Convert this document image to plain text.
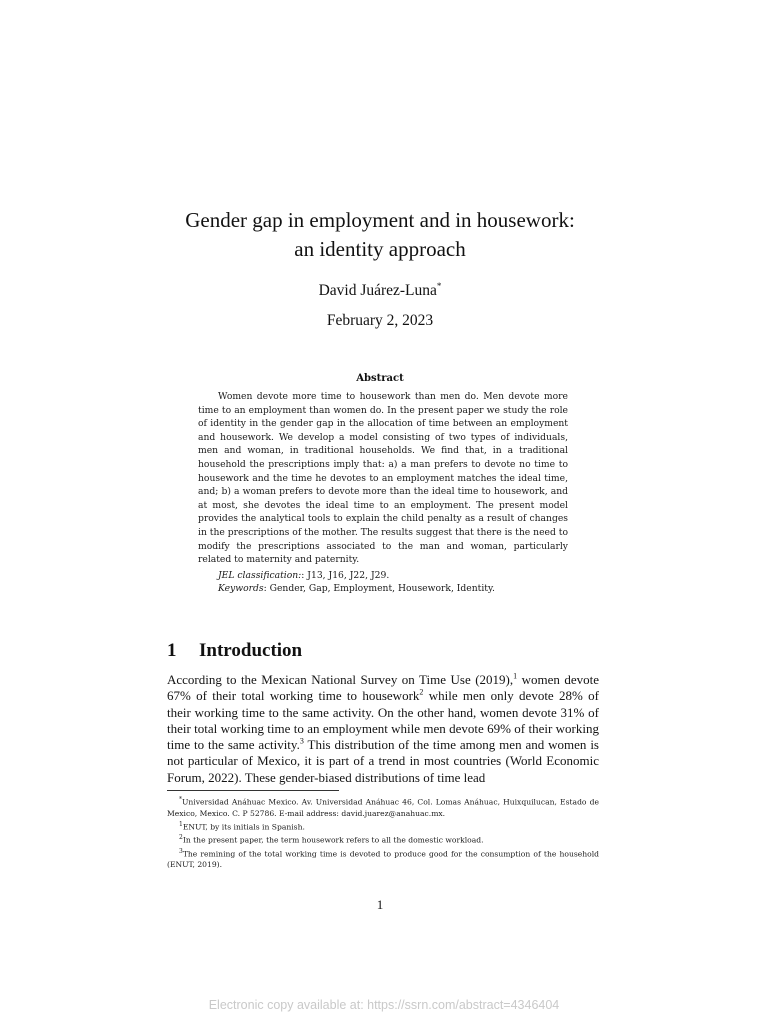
Gender gap in employment and in housework:
an identity approach
David Juárez-Luna*
February 2, 2023
Abstract

Women devote more time to housework than men do. Men devote more time to an employment than women do. In the present paper we study the role of identity in the gender gap in the allocation of time between an employment and housework. We develop a model consisting of two types of individuals, men and woman, in traditional households. We find that, in a traditional household the prescriptions imply that: a) a man prefers to devote no time to housework and the time he devotes to an employment matches the ideal time, and; b) a woman prefers to devote more than the ideal time to housework, and at most, she devotes the ideal time to an employment. The present model provides the analytical tools to explain the child penalty as a result of changes in the prescriptions of the mother. The results suggest that there is the need to modify the prescriptions associated to the man and woman, particularly related to maternity and paternity.

JEL classification:: J13, J16, J22, J29.

Keywords: Gender, Gap, Employment, Housework, Identity.

1 Introduction
According to the Mexican National Survey on Time Use (2019),$^1$ women devote 67% of their total working time to housework$^2$ while men only devote 28% of their working time to the same activity. On the other hand, women devote 31% of their total working time to an employment while men devote 69% of their working time to the same activity.$^3$ This distribution of the time among men and women is not particular of Mexico, it is part of a trend in most countries (World Economic Forum, 2022). These gender-biased distributions of time lead

*Universidad Anáhuac Mexico. Av. Universidad Anáhuac 46, Col. Lomas Anáhuac, Huixquilucan, Estado de Mexico, Mexico. C. P 52786. E-mail address: david.juarez@anahuac.mx.

$^1$ENUT, by its initials in Spanish.

$^2$In the present paper, the term housework refers to all the domestic workload.

$^3$The remining of the total working time is devoted to produce good for the consumption of the household (ENUT, 2019).

1
Electronic copy available at: https://ssrn.com/abstract=4346404
